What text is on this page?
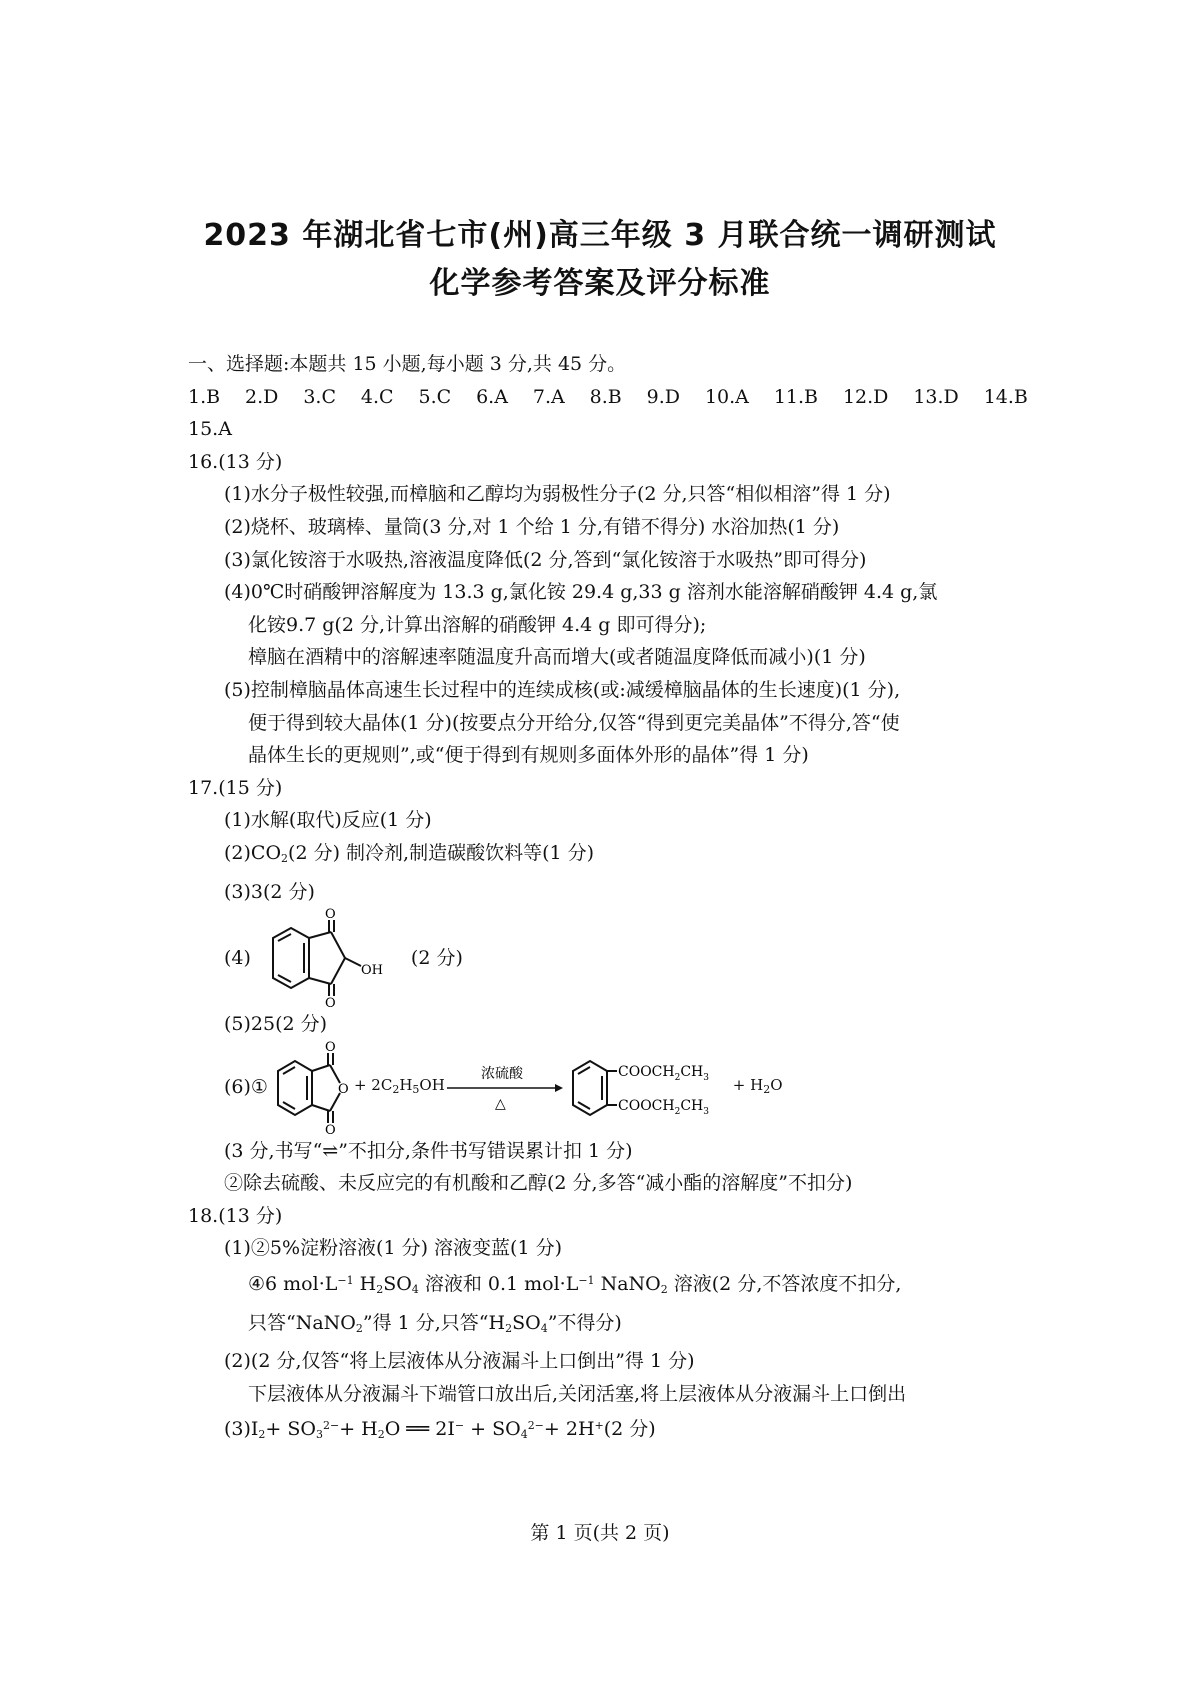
2023 年湖北省七市(州)高三年级 3 月联合统一调研测试
化学参考答案及评分标准

一、选择题:本题共 15 小题,每小题 3 分,共 45 分。

1.B 2.D 3.C 4.C 5.C 6.A 7.A 8.B 9.D 10.A 11.B 12.D 13.D 14.B

15.A

16.(13 分)

(1)水分子极性较强,而樟脑和乙醇均为弱极性分子(2 分,只答“相似相溶”得 1 分)

(2)烧杯、玻璃棒、量筒(3 分,对 1 个给 1 分,有错不得分) 水浴加热(1 分)

(3)氯化铵溶于水吸热,溶液温度降低(2 分,答到“氯化铵溶于水吸热”即可得分)

(4)0℃时硝酸钾溶解度为 13.3 g,氯化铵 29.4 g,33 g 溶剂水能溶解硝酸钾 4.4 g,氯

化铵9.7 g(2 分,计算出溶解的硝酸钾 4.4 g 即可得分);

樟脑在酒精中的溶解速率随温度升高而增大(或者随温度降低而减小)(1 分)

(5)控制樟脑晶体高速生长过程中的连续成核(或:减缓樟脑晶体的生长速度)(1 分),

便于得到较大晶体(1 分)(按要点分开给分,仅答“得到更完美晶体”不得分,答“使

晶体生长的更规则”,或“便于得到有规则多面体外形的晶体”得 1 分)

17.(15 分)

(1)水解(取代)反应(1 分)

$(2)CO_2(2$ 分) 制冷剂,制造碳酸饮料等(1 分)

(3)3(2 分)

(4)
O
O
OH
(2 分)

(5)25(2 分)

(6)①
O
O
O
+ $2C_2H_5OH$
浓硫酸
△
$COOCH_2CH_3$
$COOCH_2CH_3$
+ $H_2O$

(3 分,书写“⇌”不扣分,条件书写错误累计扣 1 分)

②除去硫酸、未反应完的有机酸和乙醇(2 分,多答“减小酯的溶解度”不扣分)

18.(13 分)

(1)②5%淀粉溶液(1 分) 溶液变蓝(1 分)

④6 $mol\cdot L^{-1}$ $H_2SO_4$ 溶液和 0.1 $mol\cdot L^{-1}$ NaNO$_2$ 溶液(2 分,不答浓度不扣分,

只答“NaNO$_2$”得 1 分,只答“$H_2SO_4$”不得分)

(2)(2 分,仅答“将上层液体从分液漏斗上口倒出”得 1 分)

下层液体从分液漏斗下端管口放出后,关闭活塞,将上层液体从分液漏斗上口倒出

$(3)I_2+ SO_3^{2-}+ H_2O$ ══ $2I^- + SO_4^{2-}+ 2H^+(2$ 分)

第 1 页(共 2 页)
